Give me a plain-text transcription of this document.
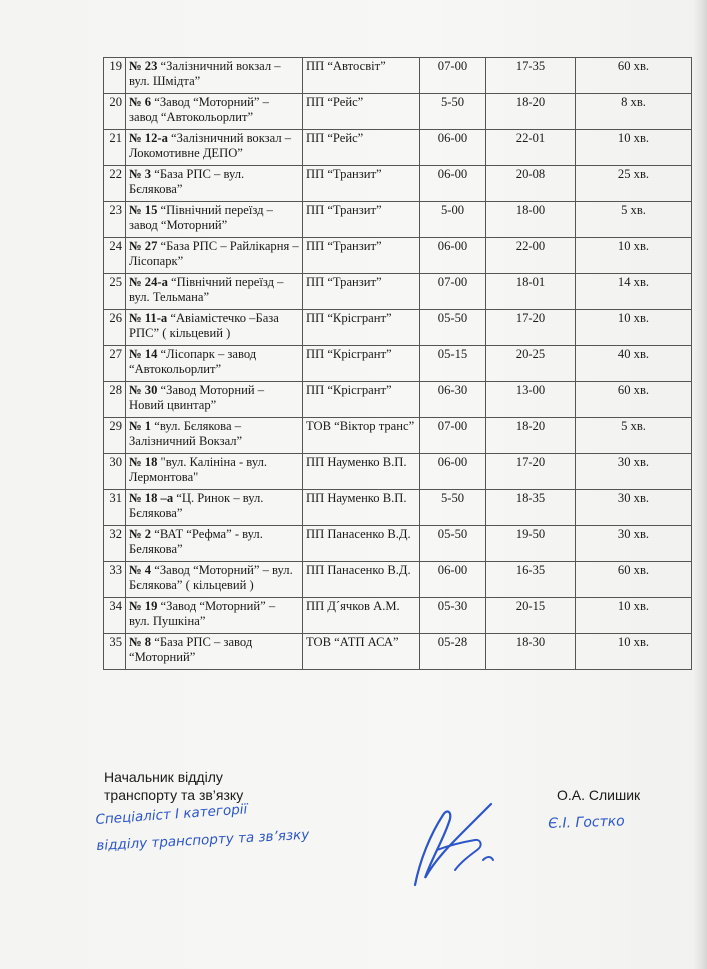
19	№ 23 “Залізничний вокзал – вул. Шмідта”	ПП “Автосвіт”	07-00	17-35	60 хв.
20	№ 6 “Завод “Моторний” – завод “Автокольорлит”	ПП “Рейс”	5-50	18-20	8 хв.
21	№ 12-а “Залізничний вокзал – Локомотивне ДЕПО”	ПП “Рейс”	06-00	22-01	10 хв.
22	№ 3 “База РПС – вул. Бєлякова”	ПП “Транзит”	06-00	20-08	25 хв.
23	№ 15 “Північний переїзд – завод “Моторний”	ПП “Транзит”	5-00	18-00	5 хв.
24	№ 27 “База РПС – Райлікарня – Лісопарк”	ПП “Транзит”	06-00	22-00	10 хв.
25	№ 24-а “Північний переїзд – вул. Тельмана”	ПП “Транзит”	07-00	18-01	14 хв.
26	№ 11-а “Авіамістечко –База РПС” ( кільцевий )	ПП “Крісгрант”	05-50	17-20	10 хв.
27	№ 14 “Лісопарк – завод “Автокольорлит”	ПП “Крісгрант”	05-15	20-25	40 хв.
28	№ 30 “Завод Моторний – Новий цвинтар”	ПП “Крісгрант”	06-30	13-00	60 хв.
29	№ 1 “вул. Бєлякова – Залізничний Вокзал”	ТОВ “Віктор транс”	07-00	18-20	5 хв.
30	№ 18 "вул. Калініна - вул. Лермонтова"	ПП Науменко В.П.	06-00	17-20	30 хв.
31	№ 18 –а “Ц. Ринок – вул. Бєлякова”	ПП Науменко В.П.	5-50	18-35	30 хв.
32	№ 2 “ВАТ “Рефма” - вул. Белякова”	ПП Панасенко В.Д.	05-50	19-50	30 хв.
33	№ 4 “Завод “Моторний” – вул. Бєлякова” ( кільцевий )	ПП Панасенко В.Д.	06-00	16-35	60 хв.
34	№ 19 “Завод “Моторний” – вул. Пушкіна”	ПП Д´ячков А.М.	05-30	20-15	10 хв.
35	№ 8 “База РПС – завод “Моторний”	ТОВ “АТП АСА”	05-28	18-30	10 хв.
Начальник відділу
транспорту та зв’язку	О.А. Слишик
Спеціаліст І категорії
відділу транспорту та зв’язку
Є.І. Гостко
